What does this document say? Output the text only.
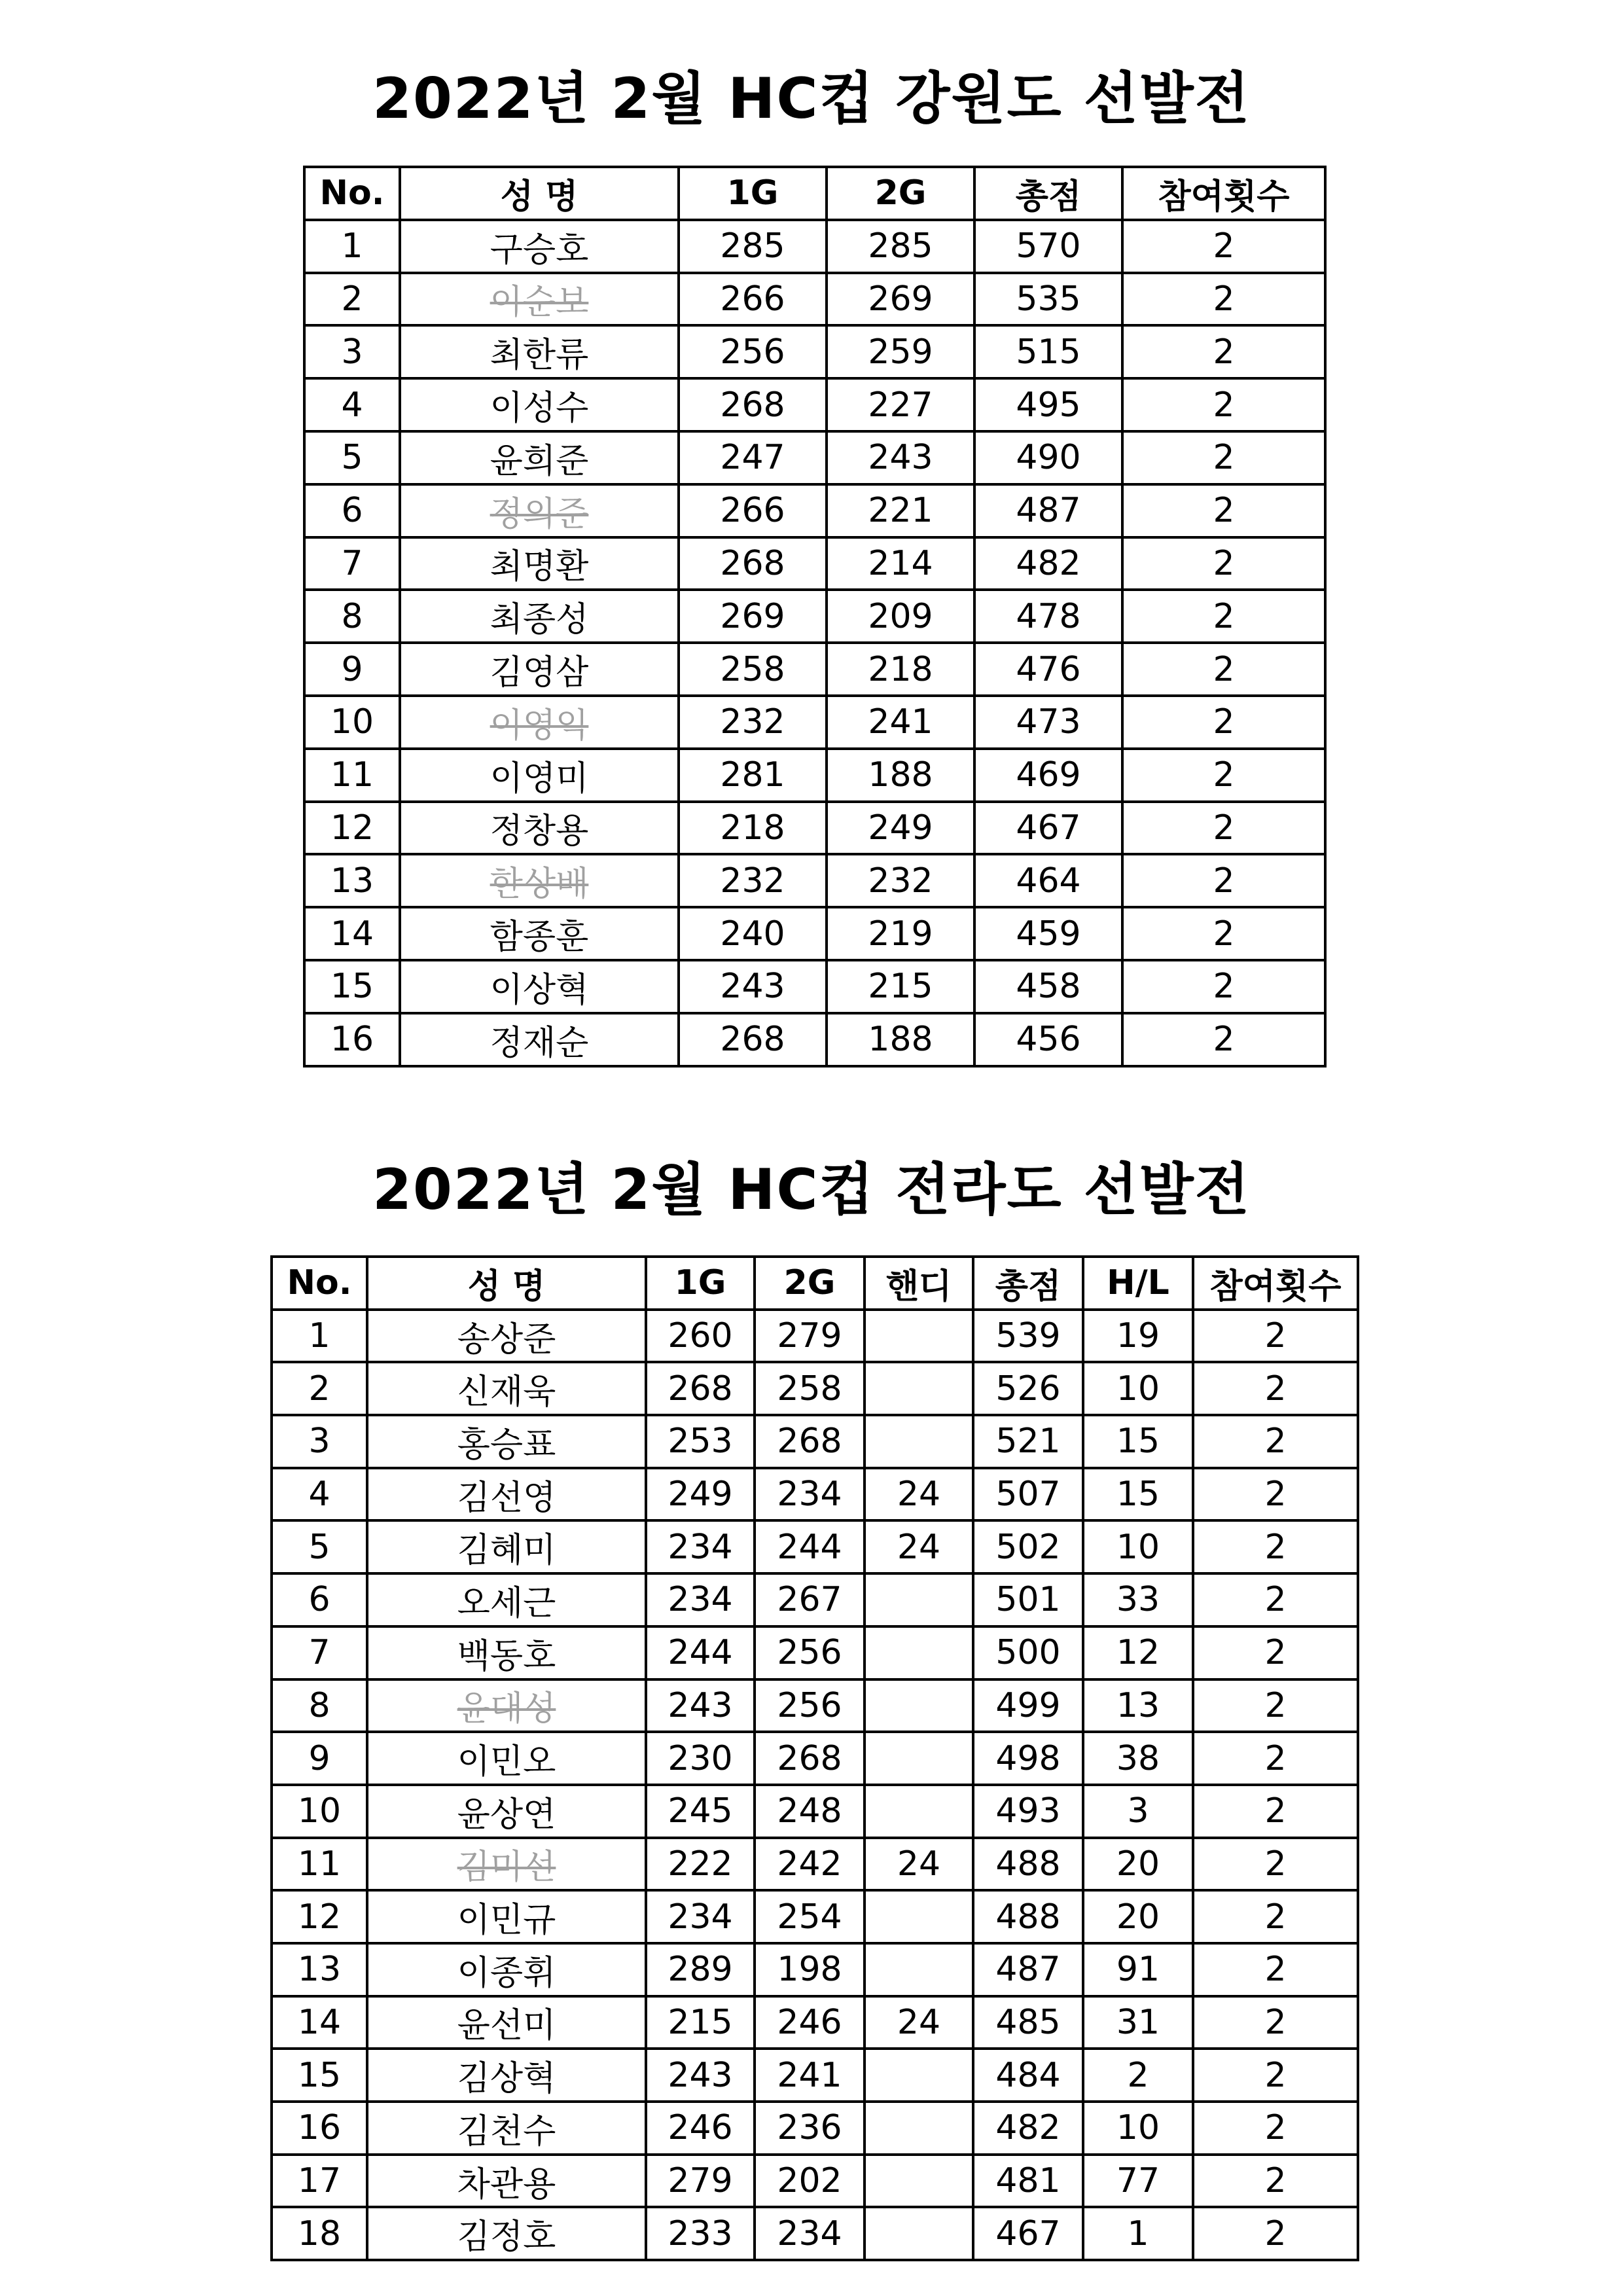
2022년 2월 HC컵 강원도 선발전
No.	성 명	1G	2G	총점	참여횟수
1	구승호	285	285	570	2
2	이순보	266	269	535	2
3	최한류	256	259	515	2
4	이성수	268	227	495	2
5	윤희준	247	243	490	2
6	정의준	266	221	487	2
7	최명환	268	214	482	2
8	최종성	269	209	478	2
9	김영삼	258	218	476	2
10	이영익	232	241	473	2
11	이영미	281	188	469	2
12	정창용	218	249	467	2
13	한상배	232	232	464	2
14	함종훈	240	219	459	2
15	이상혁	243	215	458	2
16	정재순	268	188	456	2
2022년 2월 HC컵 전라도 선발전
No.	성 명	1G	2G	핸디	총점	H/L	참여횟수
1	송상준	260	279		539	19	2
2	신재욱	268	258		526	10	2
3	홍승표	253	268		521	15	2
4	김선영	249	234	24	507	15	2
5	김혜미	234	244	24	502	10	2
6	오세근	234	267		501	33	2
7	백동호	244	256		500	12	2
8	윤대성	243	256		499	13	2
9	이민오	230	268		498	38	2
10	윤상연	245	248		493	3	2
11	김미선	222	242	24	488	20	2
12	이민규	234	254		488	20	2
13	이종휘	289	198		487	91	2
14	윤선미	215	246	24	485	31	2
15	김상혁	243	241		484	2	2
16	김천수	246	236		482	10	2
17	차관용	279	202		481	77	2
18	김정호	233	234		467	1	2
